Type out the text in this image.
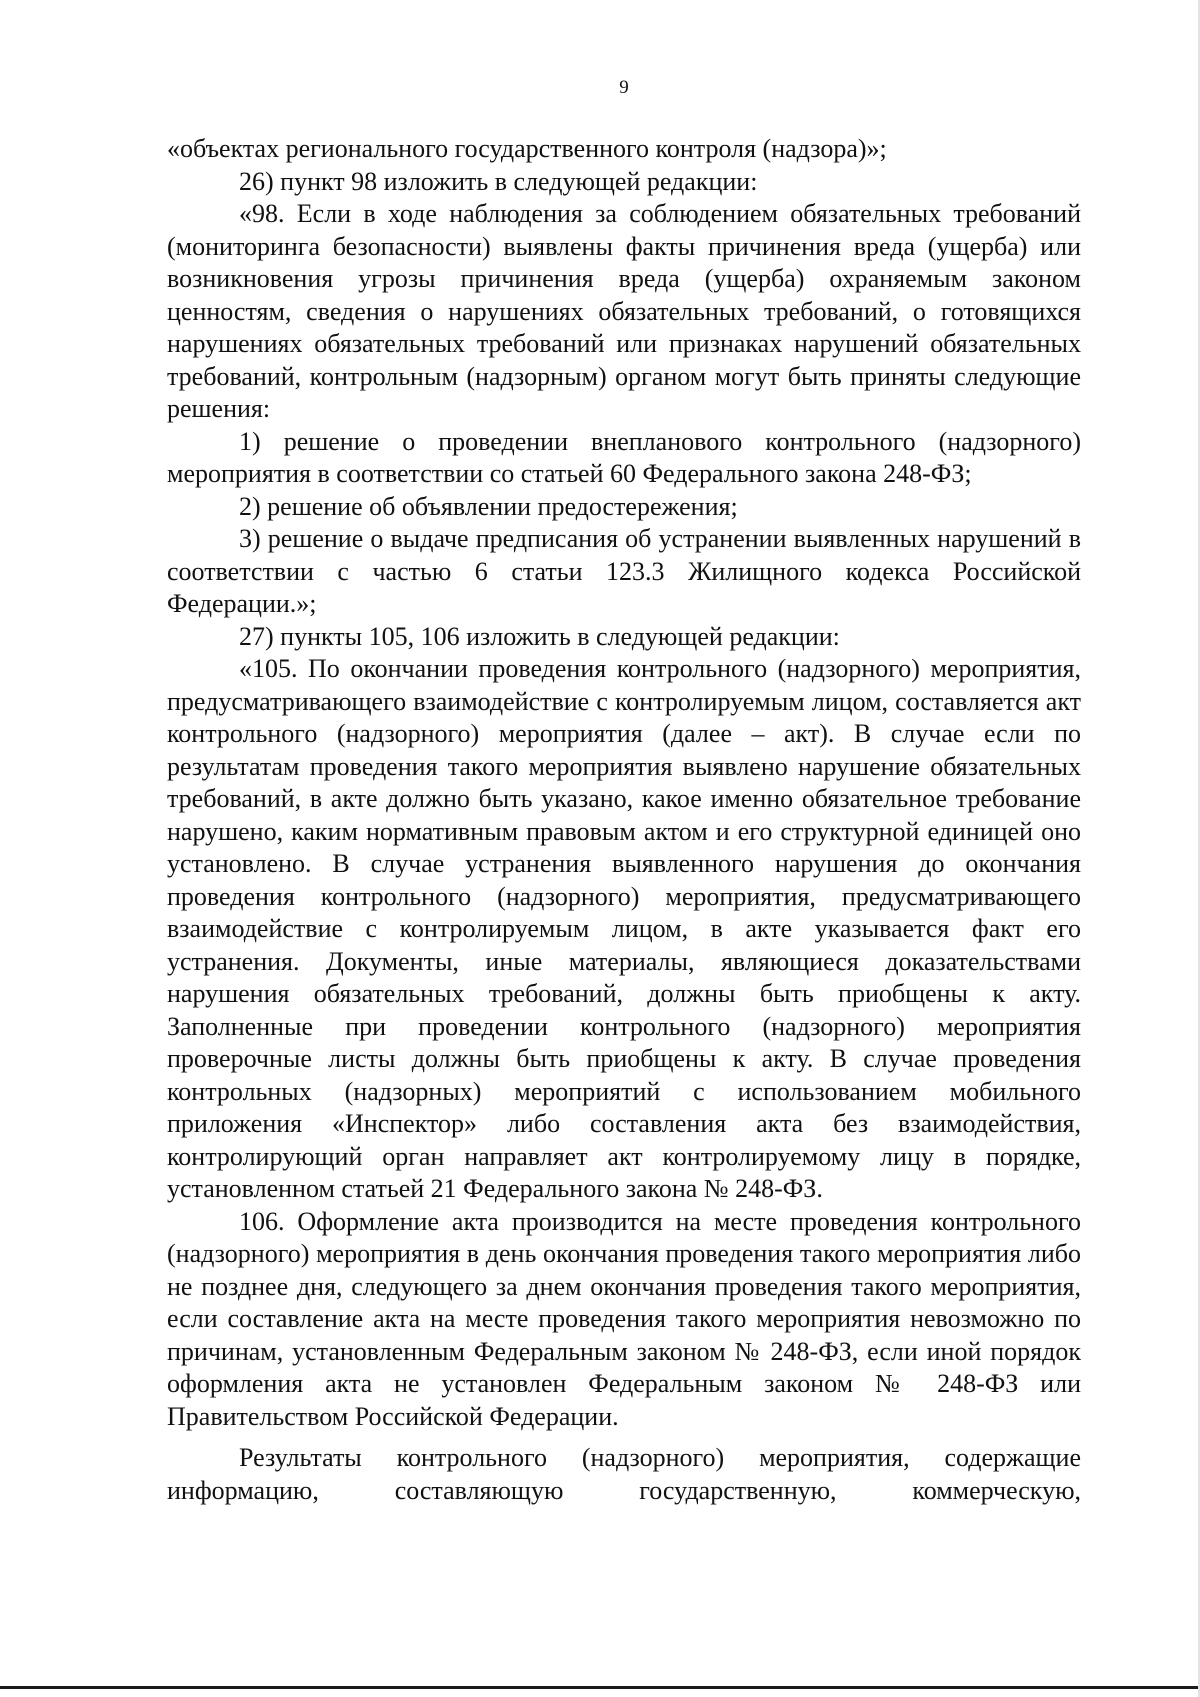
9

«объектах регионального государственного контроля (надзора)»;

26) пункт 98 изложить в следующей редакции:

«98. Если в ходе наблюдения за соблюдением обязательных требований (мониторинга безопасности) выявлены факты причинения вреда (ущерба) или возникновения угрозы причинения вреда (ущерба) охраняемым законом ценностям, сведения о нарушениях обязательных требований, о готовящихся нарушениях обязательных требований или признаках нарушений обязательных требований, контрольным (надзорным) органом могут быть приняты следующие решения:

1) решение о проведении внепланового контрольного (надзорного) мероприятия в соответствии со статьей 60 Федерального закона 248-ФЗ;

2) решение об объявлении предостережения;

3) решение о выдаче предписания об устранении выявленных нарушений в соответствии с частью 6 статьи 123.3 Жилищного кодекса Российской Федерации.»;

27) пункты 105, 106 изложить в следующей редакции:

«105. По окончании проведения контрольного (надзорного) мероприятия, предусматривающего взаимодействие с контролируемым лицом, составляется акт контрольного (надзорного) мероприятия (далее – акт). В случае если по результатам проведения такого мероприятия выявлено нарушение обязательных требований, в акте должно быть указано, какое именно обязательное требование нарушено, каким нормативным правовым актом и его структурной единицей оно установлено. В случае устранения выявленного нарушения до окончания проведения контрольного (надзорного) мероприятия, предусматривающего взаимодействие с контролируемым лицом, в акте указывается факт его устранения. Документы, иные материалы, являющиеся доказательствами нарушения обязательных требований, должны быть приобщены к акту. Заполненные при проведении контрольного (надзорного) мероприятия проверочные листы должны быть приобщены к акту. В случае проведения контрольных (надзорных) мероприятий с использованием мобильного приложения «Инспектор» либо составления акта без взаимодействия, контролирующий орган направляет акт контролируемому лицу в порядке, установленном статьей 21 Федерального закона № 248-ФЗ.

106. Оформление акта производится на месте проведения контрольного (надзорного) мероприятия в день окончания проведения такого мероприятия либо не позднее дня, следующего за днем окончания проведения такого мероприятия, если составление акта на месте проведения такого мероприятия невозможно по причинам, установленным Федеральным законом № 248-ФЗ, если иной порядок оформления акта не установлен Федеральным законом № 248-ФЗ или Правительством Российской Федерации.

Результаты контрольного (надзорного) мероприятия, содержащие информацию, составляющую государственную, коммерческую,
